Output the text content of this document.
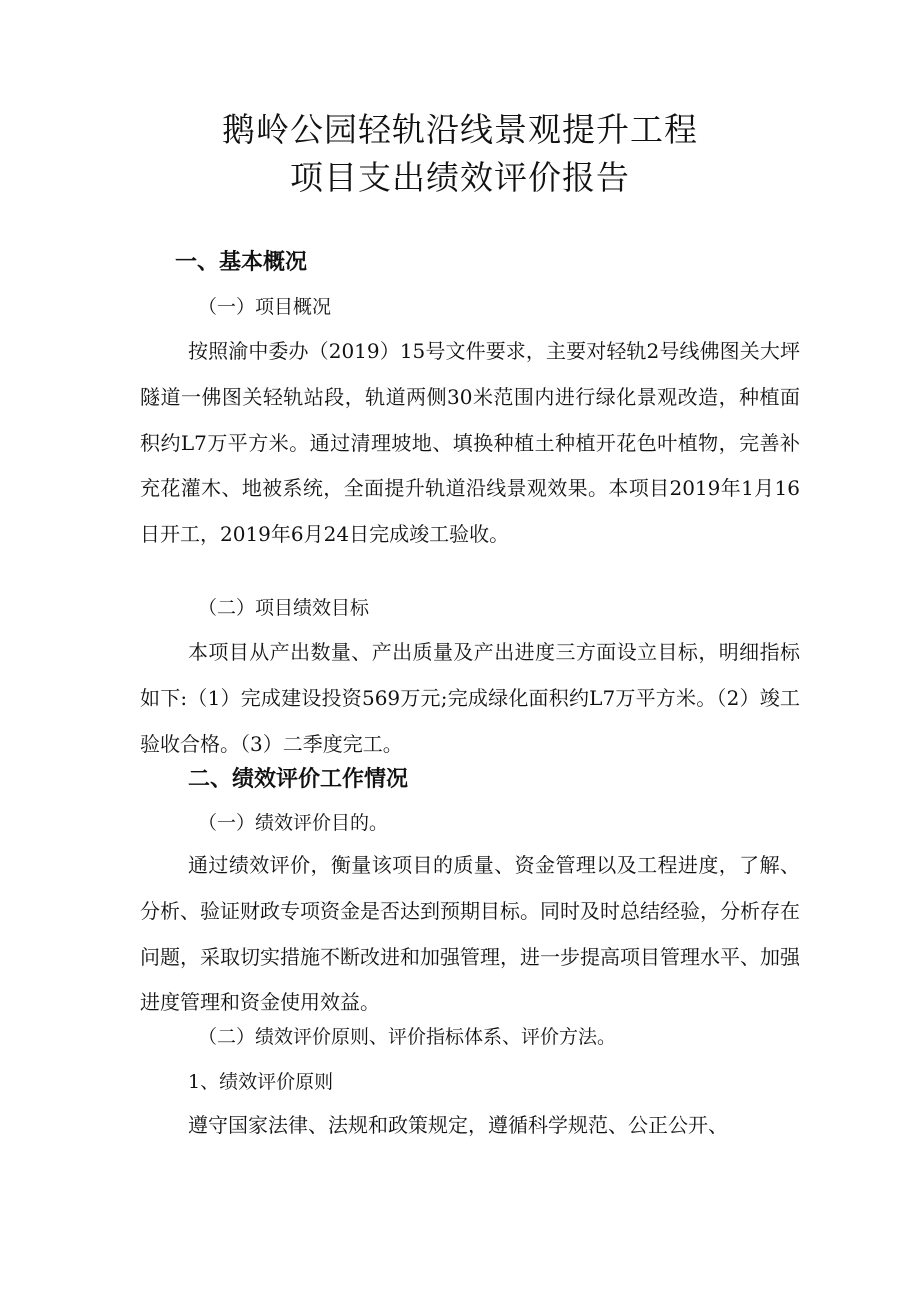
鹅岭公园轻轨沿线景观提升工程
项目支出绩效评价报告
一、基本概况
（一）项目概况
按照渝中委办（2019）15号文件要求，主要对轻轨2号线佛图关大坪隧道一佛图关轻轨站段，轨道两侧30米范围内进行绿化景观改造，种植面积约L7万平方米。通过清理坡地、填换种植土种植开花色叶植物，完善补充花灌木、地被系统，全面提升轨道沿线景观效果。本项目2019年1月16日开工，2019年6月24日完成竣工验收。
（二）项目绩效目标
本项目从产出数量、产出质量及产出进度三方面设立目标，明细指标如下:（1）完成建设投资569万元;完成绿化面积约L7万平方米。（2）竣工验收合格。（3）二季度完工。
二、绩效评价工作情况
（一）绩效评价目的。
通过绩效评价，衡量该项目的质量、资金管理以及工程进度，了解、分析、验证财政专项资金是否达到预期目标。同时及时总结经验，分析存在问题，采取切实措施不断改进和加强管理，进一步提高项目管理水平、加强进度管理和资金使用效益。
（二）绩效评价原则、评价指标体系、评价方法。
1、绩效评价原则
遵守国家法律、法规和政策规定，遵循科学规范、公正公开、
